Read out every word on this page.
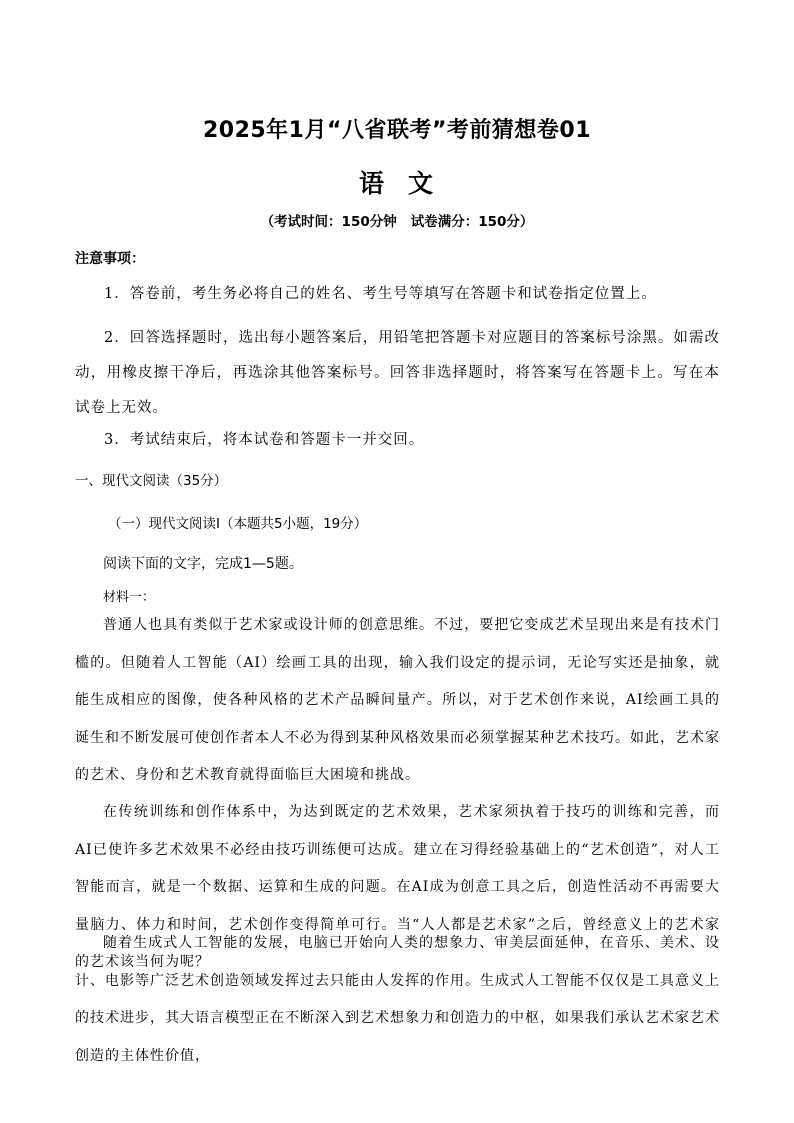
2025年1月“八省联考”考前猜想卷01
语 文
（考试时间：150分钟 试卷满分：150分）
注意事项：

1．答卷前，考生务必将自己的姓名、考生号等填写在答题卡和试卷指定位置上。

2．回答选择题时，选出每小题答案后，用铅笔把答题卡对应题目的答案标号涂黑。如需改动，用橡皮擦干净后，再选涂其他答案标号。回答非选择题时，将答案写在答题卡上。写在本试卷上无效。

3．考试结束后，将本试卷和答题卡一并交回。

一、现代文阅读（35分）
（一）现代文阅读Ⅰ（本题共5小题，19分）
阅读下面的文字，完成1—5题。
材料一：

普通人也具有类似于艺术家或设计师的创意思维。不过，要把它变成艺术呈现出来是有技术门槛的。但随着人工智能（AI）绘画工具的出现，输入我们设定的提示词，无论写实还是抽象，就能生成相应的图像，使各种风格的艺术产品瞬间量产。所以，对于艺术创作来说，AI绘画工具的诞生和不断发展可使创作者本人不必为得到某种风格效果而必须掌握某种艺术技巧。如此，艺术家的艺术、身份和艺术教育就得面临巨大困境和挑战。

在传统训练和创作体系中，为达到既定的艺术效果，艺术家须执着于技巧的训练和完善，而AI已使许多艺术效果不必经由技巧训练便可达成。建立在习得经验基础上的“艺术创造”，对人工智能而言，就是一个数据、运算和生成的问题。在AI成为创意工具之后，创造性活动不再需要大量脑力、体力和时间，艺术创作变得简单可行。当“人人都是艺术家”之后，曾经意义上的艺术家的艺术该当何为呢？

随着生成式人工智能的发展，电脑已开始向人类的想象力、审美层面延伸，在音乐、美术、设计、电影等广泛艺术创造领域发挥过去只能由人发挥的作用。生成式人工智能不仅仅是工具意义上的技术进步，其大语言模型正在不断深入到艺术想象力和创造力的中枢，如果我们承认艺术家艺术创造的主体性价值，
